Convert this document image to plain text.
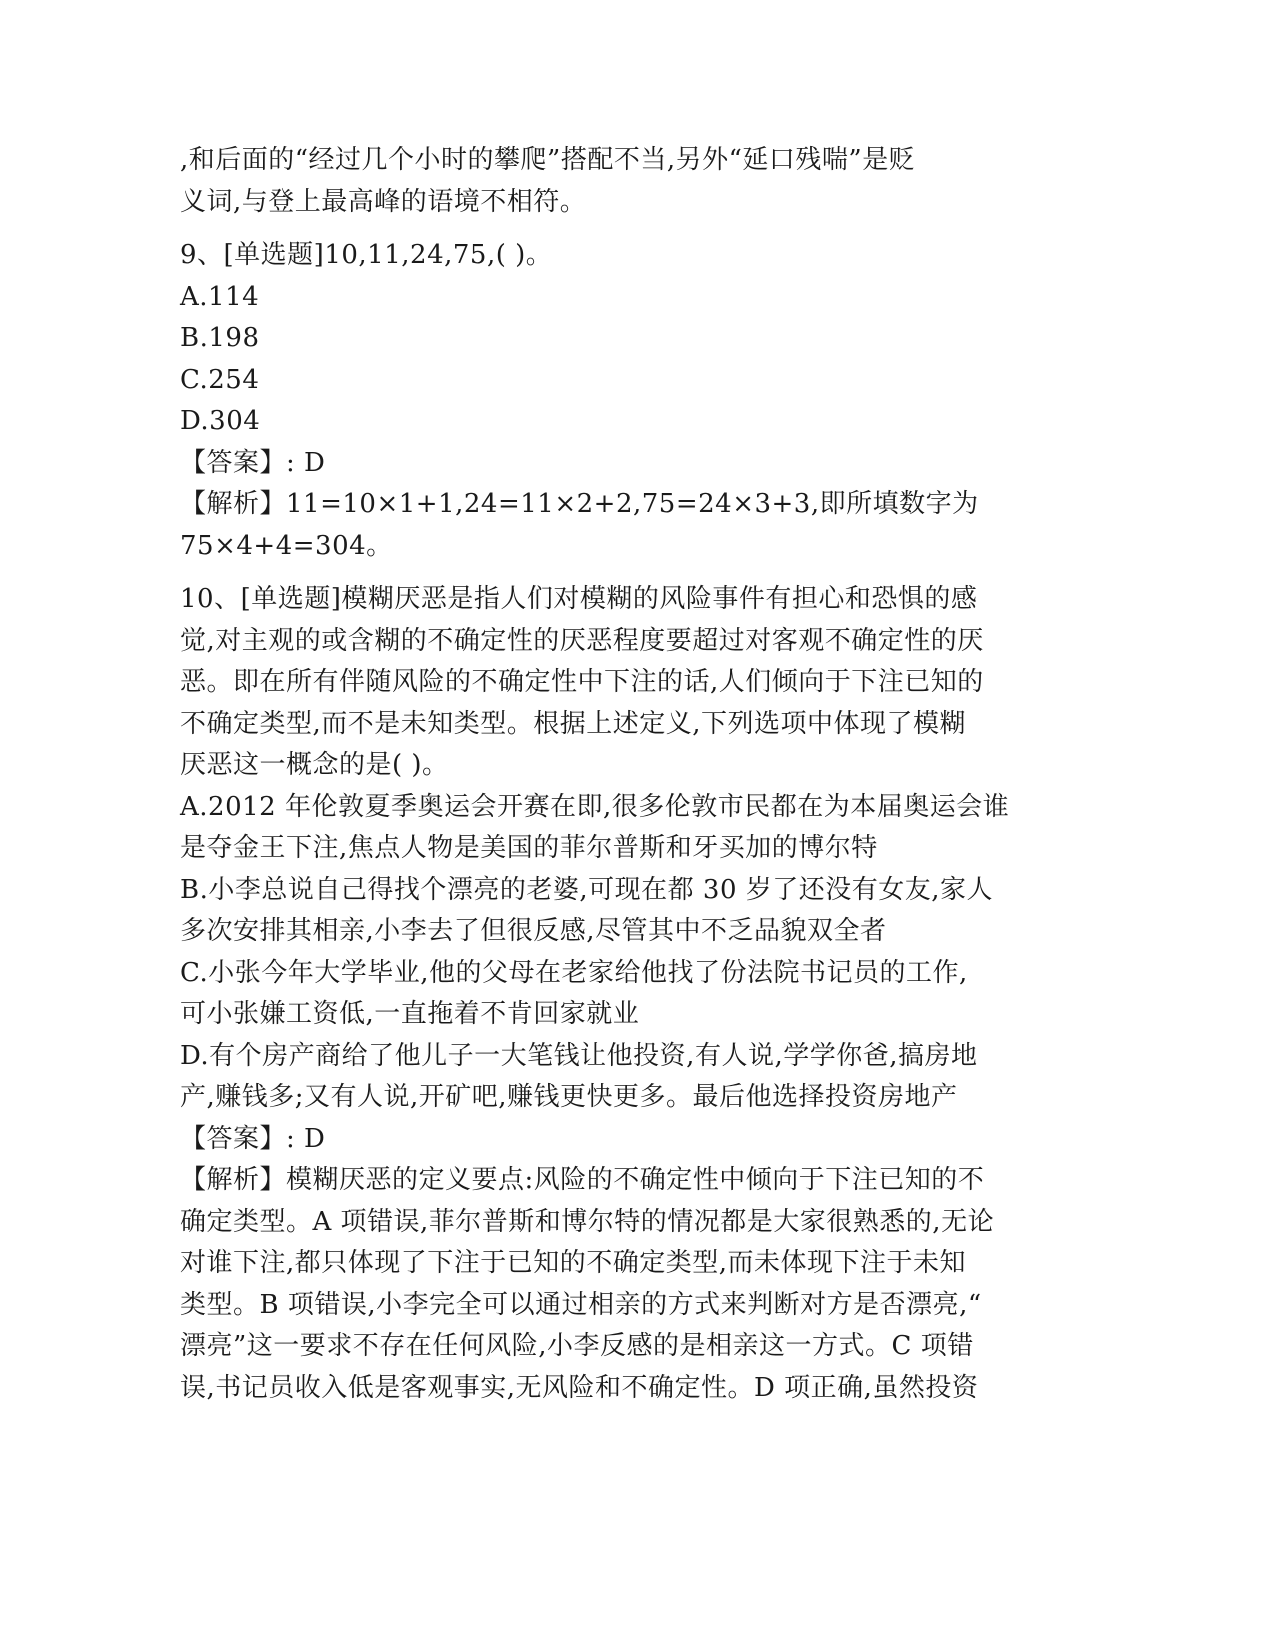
,和后面的“经过几个小时的攀爬”搭配不当,另外“延口残喘”是贬
义词,与登上最高峰的语境不相符。
9、[单选题]10,11,24,75,( )。
A.114
B.198
C.254
D.304
【答案】: D
【解析】11=10×1+1,24=11×2+2,75=24×3+3,即所填数字为
75×4+4=304。
10、[单选题]模糊厌恶是指人们对模糊的风险事件有担心和恐惧的感
觉,对主观的或含糊的不确定性的厌恶程度要超过对客观不确定性的厌
恶。即在所有伴随风险的不确定性中下注的话,人们倾向于下注已知的
不确定类型,而不是未知类型。根据上述定义,下列选项中体现了模糊
厌恶这一概念的是( )。
A.2012 年伦敦夏季奥运会开赛在即,很多伦敦市民都在为本届奥运会谁
是夺金王下注,焦点人物是美国的菲尔普斯和牙买加的博尔特
B.小李总说自己得找个漂亮的老婆,可现在都 30 岁了还没有女友,家人
多次安排其相亲,小李去了但很反感,尽管其中不乏品貌双全者
C.小张今年大学毕业,他的父母在老家给他找了份法院书记员的工作,
可小张嫌工资低,一直拖着不肯回家就业
D.有个房产商给了他儿子一大笔钱让他投资,有人说,学学你爸,搞房地
产,赚钱多;又有人说,开矿吧,赚钱更快更多。最后他选择投资房地产
【答案】: D
【解析】模糊厌恶的定义要点:风险的不确定性中倾向于下注已知的不
确定类型。A 项错误,菲尔普斯和博尔特的情况都是大家很熟悉的,无论
对谁下注,都只体现了下注于已知的不确定类型,而未体现下注于未知
类型。B 项错误,小李完全可以通过相亲的方式来判断对方是否漂亮,“
漂亮”这一要求不存在任何风险,小李反感的是相亲这一方式。C 项错
误,书记员收入低是客观事实,无风险和不确定性。D 项正确,虽然投资
